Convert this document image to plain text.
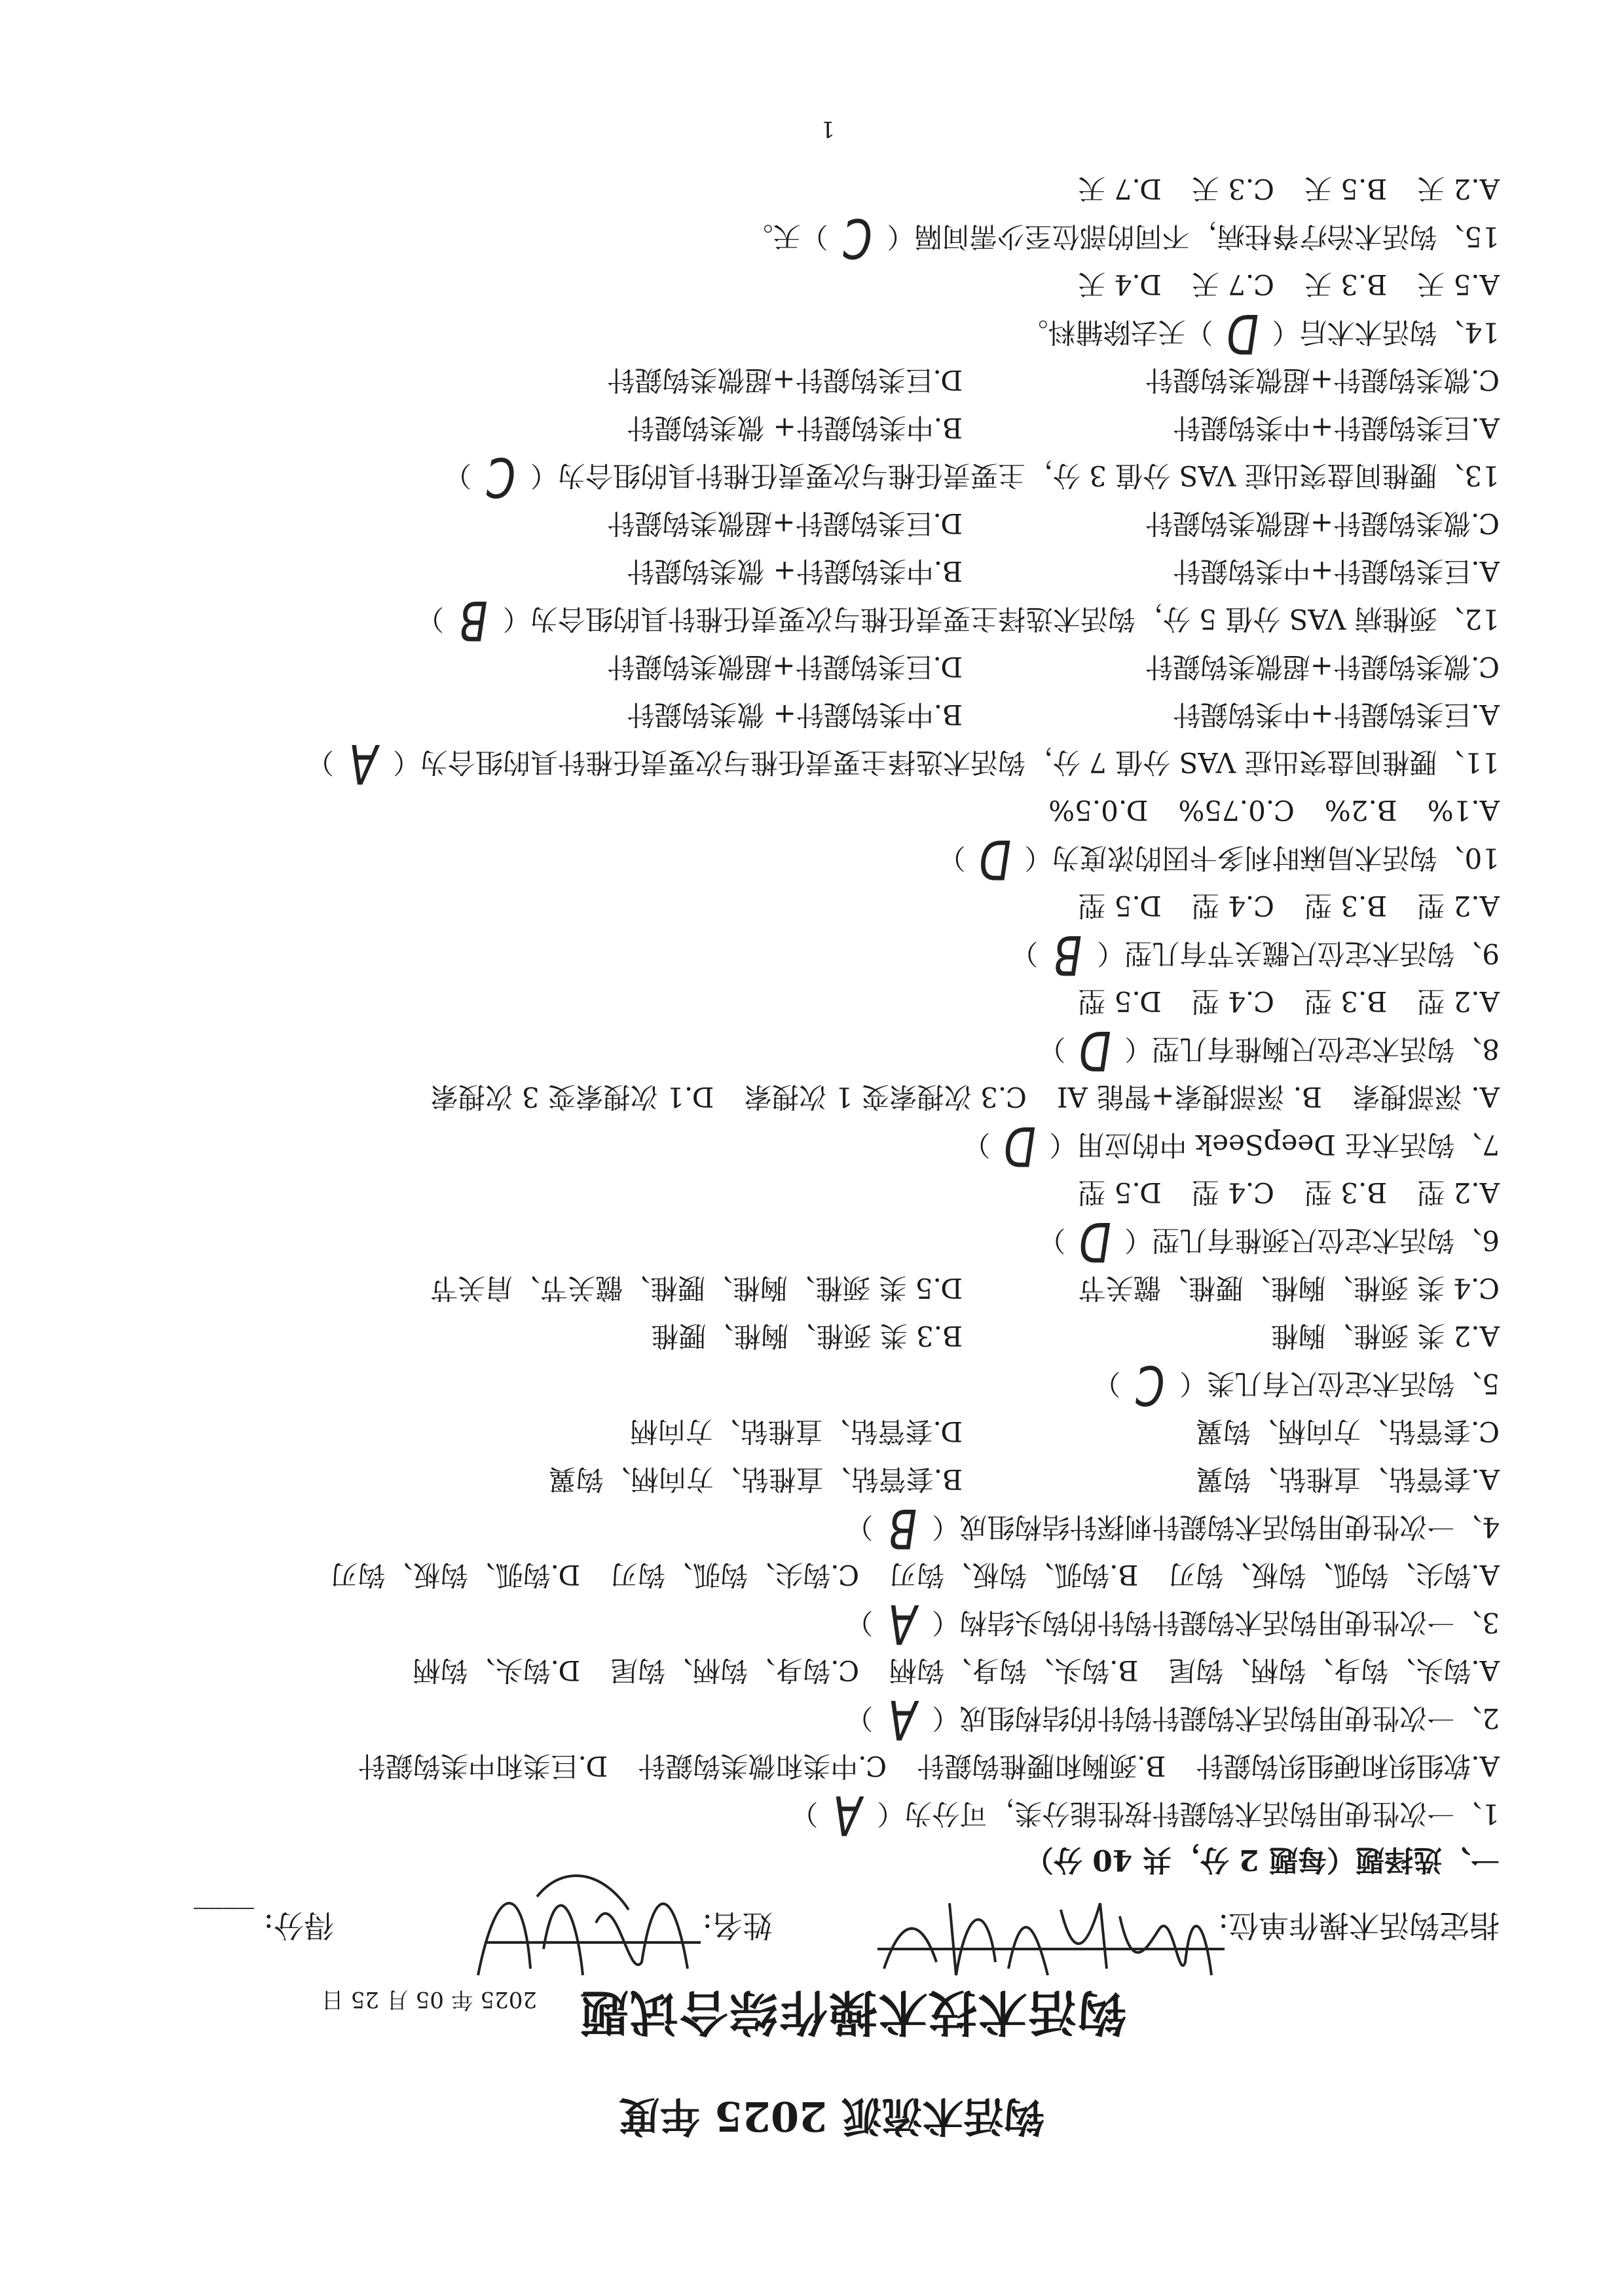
钩活术流派 2025 年度
钩活术技术操作综合试题
2025 年 05 月 25 日
指定钩活术操作单位:
姓名:
得分: ____
一、选择题（每题 2 分，共 40 分）
1、一次性使用钩活术钩鍉针按性能分类，可分为（
A
）
A.软组织和硬组织钩鍉针
B.颈胸和腰椎钩鍉针
C.中类和微类钩鍉针
D.巨类和中类钩鍉针
2、一次性使用钩活术钩鍉针钩针的结构组成（
A
）
A.钩头、钩身、钩柄、钩尾
B.钩头、钩身、钩柄
C.钩身、钩柄、钩尾
D.钩头、钩柄
3、一次性使用钩活术钩鍉针钩针的钩头结构（
A
）
A.钩尖、钩弧、钩板、钩刃
B.钩弧、钩板、钩刃
C.钩尖、钩弧、钩刃
D.钩弧、钩板、钩刃
4、一次性使用钩活术钩鍉针刺探针结构组成（
B
）
A.套管钻、直椎钻、钩翼
B.套管钻、直椎钻、方向柄、钩翼
C.套管钻、方向柄、钩翼
D.套管钻、直椎钻、方向柄
5、钩活术定位尺有几类（
C
）
A.2 类 颈椎、胸椎
B.3 类 颈椎、胸椎、腰椎
C.4 类 颈椎、胸椎、腰椎、髋关节
D.5 类 颈椎、胸椎、腰椎、髋关节、肩关节
6、钩活术定位尺颈椎有几型（
D
）
A.2 型
B.3 型
C.4 型
D.5 型
7、钩活术在 DeepSeek 中的应用（
D
）
A. 深部搜索
B. 深部搜索+智能 AI
C.3 次搜索变 1 次搜索
D.1 次搜索变 3 次搜索
8、钩活术定位尺胸椎有几型（
D
）
A.2 型
B.3 型
C.4 型
D.5 型
9、钩活术定位尺髋关节有几型（
B
）
A.2 型
B.3 型
C.4 型
D.5 型
10、钩活术局麻时利多卡因的浓度为（
D
）
A.1%
B.2%
C.0.75%
D.0.5%
11、腰椎间盘突出症 VAS 分值 7 分，钩活术选择主要责任椎与次要责任椎针具的组合为（
A
）
A.巨类钩鍉针+中类钩鍉针
B.中类钩鍉针+ 微类钩鍉针
C.微类钩鍉针+超微类钩鍉针
D.巨类钩鍉针+超微类钩鍉针
12、颈椎病 VAS 分值 5 分，钩活术选择主要责任椎与次要责任椎针具的组合为（
B
）
A.巨类钩鍉针+中类钩鍉针
B.中类钩鍉针+ 微类钩鍉针
C.微类钩鍉针+超微类钩鍉针
D.巨类钩鍉针+超微类钩鍉针
13、腰椎间盘突出症 VAS 分值 3 分，主要责任椎与次要责任椎针具的组合为（
C
）
A.巨类钩鍉针+中类钩鍉针
B.中类钩鍉针+ 微类钩鍉针
C.微类钩鍉针+超微类钩鍉针
D.巨类钩鍉针+超微类钩鍉针
14、钩活术术后（
D
）天去除辅料。
A.5 天
B.3 天
C.7 天
D.4 天
15、钩活术治疗脊柱病，不同的部位至少需间隔（
C
）天。
A.2 天
B.5 天
C.3 天
D.7 天
1
